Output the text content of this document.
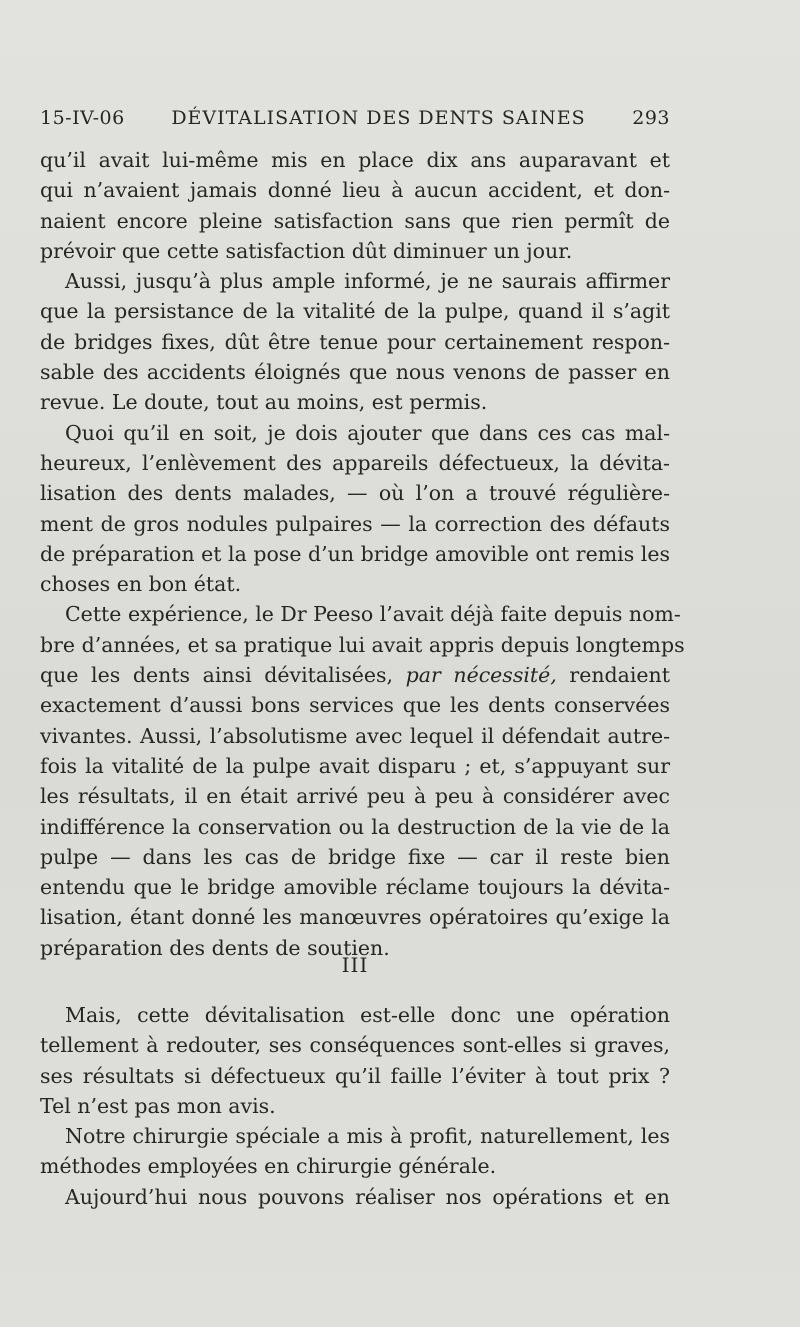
15-IV-06 DÉVITALISATION DES DENTS SAINES 293
qu’il avait lui-même mis en place dix ans auparavant et
qui n’avaient jamais donné lieu à aucun accident, et don-
naient encore pleine satisfaction sans que rien permît de
prévoir que cette satisfaction dût diminuer un jour.
Aussi, jusqu’à plus ample informé, je ne saurais affirmer
que la persistance de la vitalité de la pulpe, quand il s’agit
de bridges fixes, dût être tenue pour certainement respon-
sable des accidents éloignés que nous venons de passer en
revue. Le doute, tout au moins, est permis.
Quoi qu’il en soit, je dois ajouter que dans ces cas mal-
heureux, l’enlèvement des appareils défectueux, la dévita-
lisation des dents malades, — où l’on a trouvé régulière-
ment de gros nodules pulpaires — la correction des défauts
de préparation et la pose d’un bridge amovible ont remis les
choses en bon état.
Cette expérience, le Dr Peeso l’avait déjà faite depuis nom-
bre d’années, et sa pratique lui avait appris depuis longtemps
que les dents ainsi dévitalisées, par nécessité, rendaient
exactement d’aussi bons services que les dents conservées
vivantes. Aussi, l’absolutisme avec lequel il défendait autre-
fois la vitalité de la pulpe avait disparu ; et, s’appuyant sur
les résultats, il en était arrivé peu à peu à considérer avec
indifférence la conservation ou la destruction de la vie de la
pulpe — dans les cas de bridge fixe — car il reste bien
entendu que le bridge amovible réclame toujours la dévita-
lisation, étant donné les manœuvres opératoires qu’exige la
préparation des dents de soutien.
III
Mais, cette dévitalisation est-elle donc une opération
tellement à redouter, ses conséquences sont-elles si graves,
ses résultats si défectueux qu’il faille l’éviter à tout prix ?
Tel n’est pas mon avis.
Notre chirurgie spéciale a mis à profit, naturellement, les
méthodes employées en chirurgie générale.
Aujourd’hui nous pouvons réaliser nos opérations et en
